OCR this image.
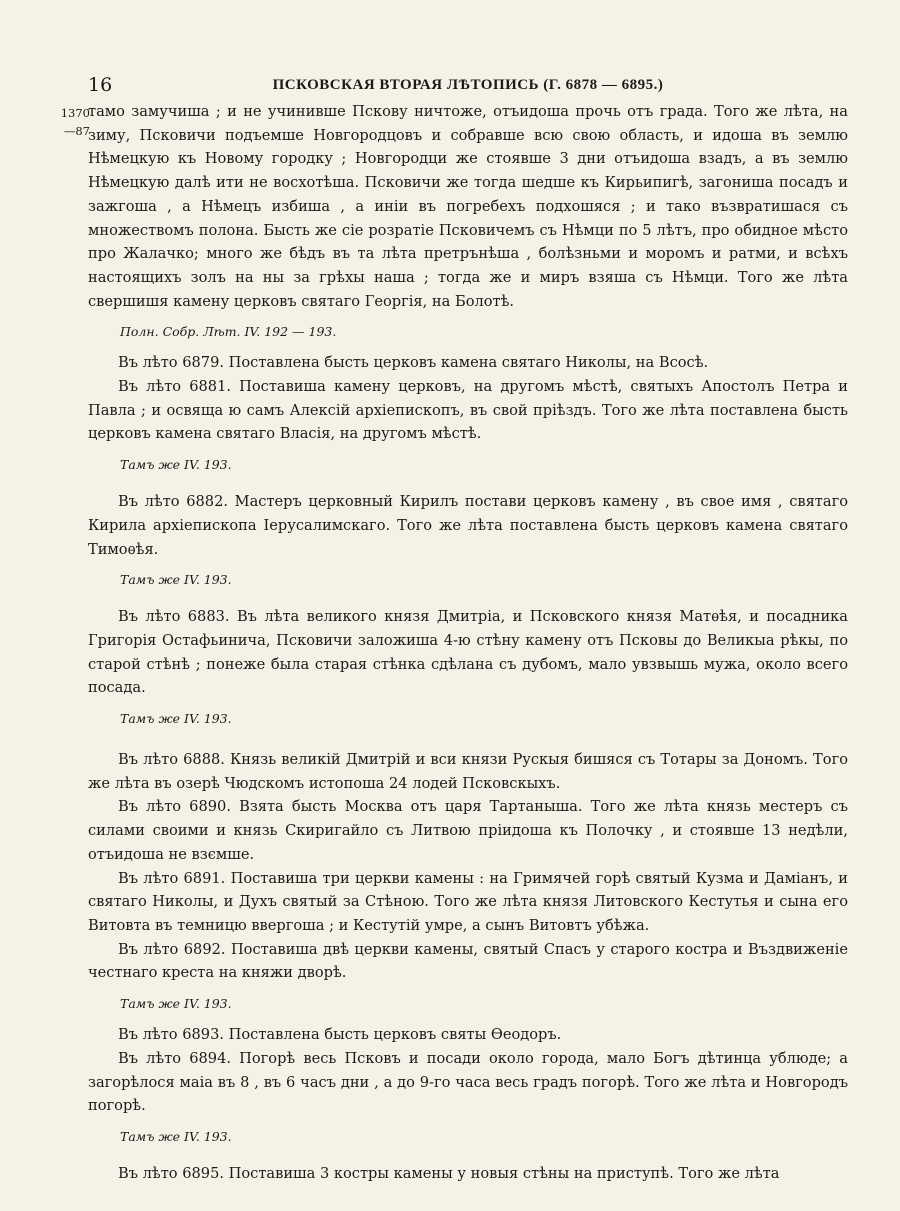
16	ПСКОВСКАЯ ВТОРАЯ ЛѢТОПИСЬ (Г. 6878 — 6895.)
1370
—87

тамо замучиша ; и не учинивше Пскову ничтоже, отъидоша прочь отъ града. Того же лѣта, на зиму, Псковичи подъемше Новгородцовъ и собравше всю свою область, и идоша въ землю Нѣмецкую къ Новому городку ; Новгородци же стоявше 3 дни отъидоша взадъ, а въ землю Нѣмецкую далѣ ити не восхотѣша. Псковичи же тогда шедше къ Кирьипигѣ, загониша посадъ и зажгоша , а Нѣмецъ избиша , а инiи въ погребехъ подхошяся ; и тако възвратишася съ множествомъ полона. Бысть же сiе розратiе Псковичемъ съ Нѣмци по 5 лѣтъ, про обидное мѣсто про Жалачко; много же бѣдъ въ та лѣта претрънѣша , болѣзньми и моромъ и ратми, и всѣхъ настоящихъ золъ на ны за грѣхы наша ; тогда же и миръ взяша съ Нѣмци. Того же лѣта свершишя камену церковъ святаго Георгiя, на Болотѣ.

Полн. Собр. Лѣт. IV. 192 — 193.

Въ лѣто 6879. Поставлена бысть церковъ камена святаго Николы, на Всосѣ.

Въ лѣто 6881. Поставиша камену церковъ, на другомъ мѣстѣ, святыхъ Апостолъ Петра и Павла ; и освяща ю самъ Алексiй архiепископъ, въ свой прiѣздъ. Того же лѣта поставлена бысть церковъ камена святаго Власiя, на другомъ мѣстѣ.

Тамъ же IV. 193.

Въ лѣто 6882. Мастеръ церковный Кирилъ постави церковъ камену , въ свое имя , святаго Кирила архiепископа Iерусалимскаго. Того же лѣта поставлена бысть церковъ камена святаго Тимоѳѣя.

Тамъ же IV. 193.

Въ лѣто 6883. Въ лѣта великого князя Дмитрiа, и Псковского князя Матѳѣя, и посадника Григорiя Остафьинича, Псковичи заложиша 4-ю стѣну камену отъ Псковы до Великыа рѣкы, по старой стѣнѣ ; понеже была старая стѣнка сдѣлана съ дубомъ, мало увзвышь мужа, около всего посада.

Тамъ же IV. 193.

Въ лѣто 6888. Князь великiй Дмитрiй и вси князи Рускыя бишяся съ Тотары за Дономъ. Того же лѣта въ озерѣ Чюдскомъ истопоша 24 лодей Псковскыхъ.

Въ лѣто 6890. Взята бысть Москва отъ царя Тартаныша. Того же лѣта князь местеръ съ силами своими и князь Скиригайло съ Литвою прiидоша къ Полочку , и стоявше 13 недѣли, отъидоша не взємше.

Въ лѣто 6891. Поставиша три церкви камены : на Гримячей горѣ святый Кузма и Дамiанъ, и святаго Николы, и Духъ святый за Стѣною. Того же лѣта князя Литовского Кестутья и сына его Витовта въ темницю ввергоша ; и Кестутiй умре, а сынъ Витовтъ убѣжа.

Въ лѣто 6892. Поставиша двѣ церкви камены, святый Спасъ у старого костра и Въздвиженiе честнаго креста на княжи дворѣ.

Тамъ же IV. 193.

Въ лѣто 6893. Поставлена бысть церковъ святы Ѳеодоръ.

Въ лѣто 6894. Погорѣ весь Псковъ и посади около города, мало Богъ дѣтинца ублюде; а загорѣлося маiа въ 8 , въ 6 часъ дни , а до 9-го часа весь градъ погорѣ. Того же лѣта и Новгородъ погорѣ.

Тамъ же IV. 193.

Въ лѣто 6895. Поставиша 3 костры камены у новыя стѣны на приступѣ. Того же лѣта
